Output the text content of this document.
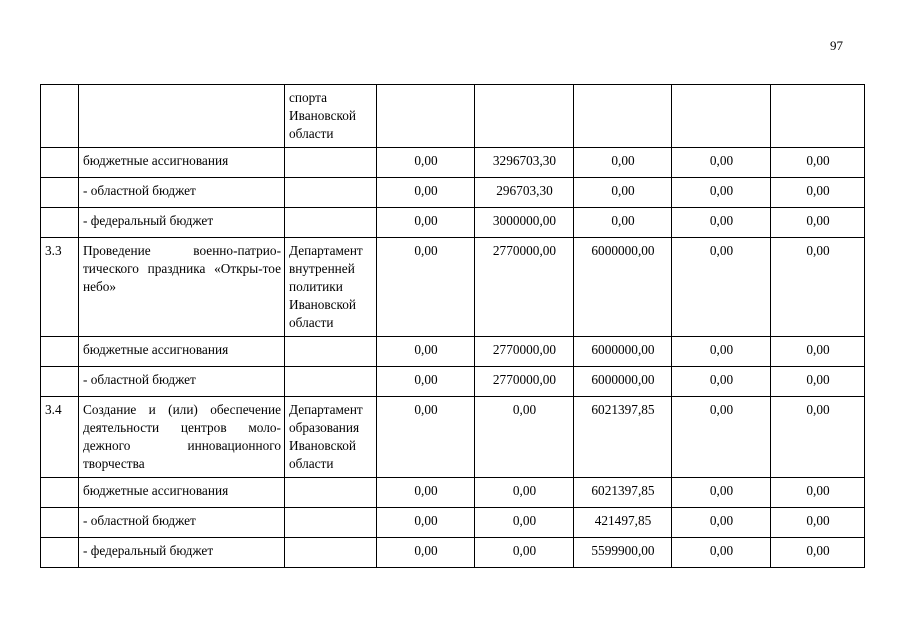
97
		спорта Ивановской области					
	бюджетные ассигнования		0,00	3296703,30	0,00	0,00	0,00
	- областной бюджет		0,00	296703,30	0,00	0,00	0,00
	- федеральный бюджет		0,00	3000000,00	0,00	0,00	0,00
3.3	Проведение военно-патрио-тического праздника «Откры-тое небо»	Департамент внутренней политики Ивановской области	0,00	2770000,00	6000000,00	0,00	0,00
	бюджетные ассигнования		0,00	2770000,00	6000000,00	0,00	0,00
	- областной бюджет		0,00	2770000,00	6000000,00	0,00	0,00
3.4	Создание и (или) обеспечение деятельности центров моло-дежного инновационного творчества	Департамент образования Ивановской области	0,00	0,00	6021397,85	0,00	0,00
	бюджетные ассигнования		0,00	0,00	6021397,85	0,00	0,00
	- областной бюджет		0,00	0,00	421497,85	0,00	0,00
	- федеральный бюджет		0,00	0,00	5599900,00	0,00	0,00
